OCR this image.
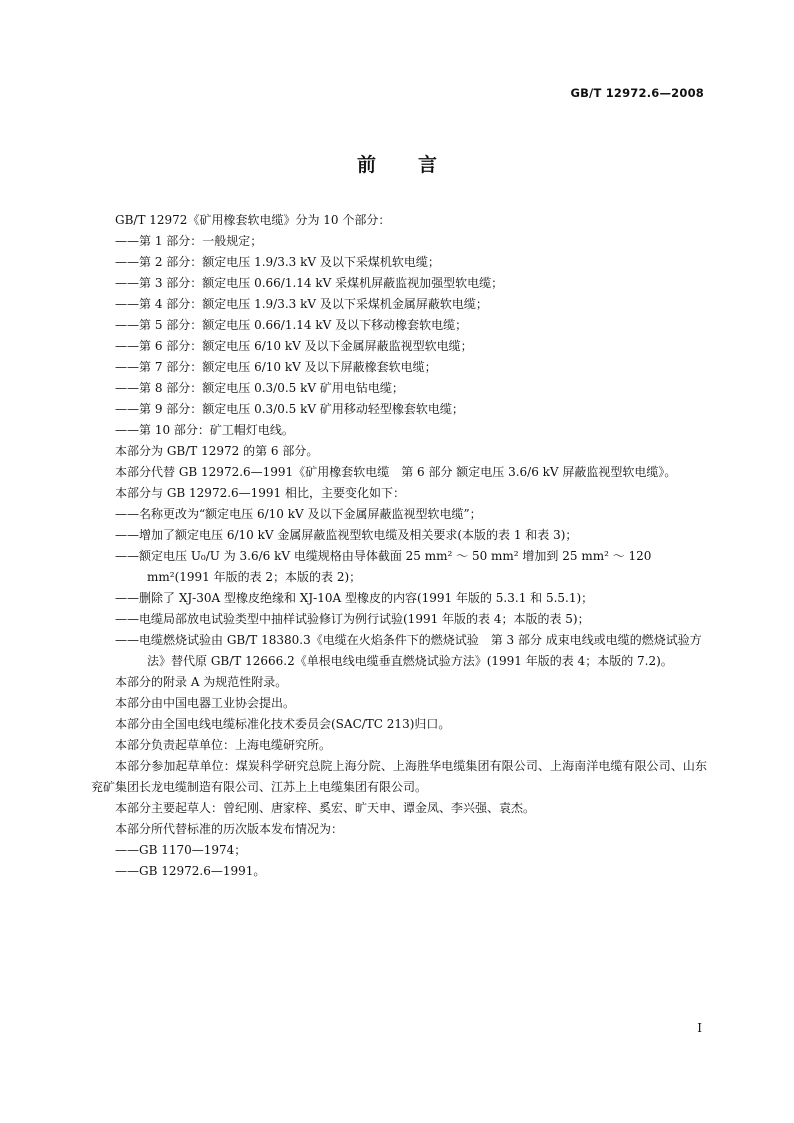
GB/T 12972.6—2008
前言

GB/T 12972《矿用橡套软电缆》分为 10 个部分：

——第 1 部分：一般规定；

——第 2 部分：额定电压 1.9/3.3 kV 及以下采煤机软电缆；

——第 3 部分：额定电压 0.66/1.14 kV 采煤机屏蔽监视加强型软电缆；

——第 4 部分：额定电压 1.9/3.3 kV 及以下采煤机金属屏蔽软电缆；

——第 5 部分：额定电压 0.66/1.14 kV 及以下移动橡套软电缆；

——第 6 部分：额定电压 6/10 kV 及以下金属屏蔽监视型软电缆；

——第 7 部分：额定电压 6/10 kV 及以下屏蔽橡套软电缆；

——第 8 部分：额定电压 0.3/0.5 kV 矿用电钻电缆；

——第 9 部分：额定电压 0.3/0.5 kV 矿用移动轻型橡套软电缆；

——第 10 部分：矿工帽灯电线。

本部分为 GB/T 12972 的第 6 部分。

本部分代替 GB 12972.6—1991《矿用橡套软电缆　第 6 部分 额定电压 3.6/6 kV 屏蔽监视型软电缆》。

本部分与 GB 12972.6—1991 相比，主要变化如下：

——名称更改为“额定电压 6/10 kV 及以下金属屏蔽监视型软电缆”；

——增加了额定电压 6/10 kV 金属屏蔽监视型软电缆及相关要求(本版的表 1 和表 3)；

——额定电压 U₀/U 为 3.6/6 kV 电缆规格由导体截面 25 mm² ～ 50 mm² 增加到 25 mm² ～ 120 mm²(1991 年版的表 2；本版的表 2)；

——删除了 XJ-30A 型橡皮绝缘和 XJ-10A 型橡皮的内容(1991 年版的 5.3.1 和 5.5.1)；

——电缆局部放电试验类型中抽样试验修订为例行试验(1991 年版的表 4；本版的表 5)；

——电缆燃烧试验由 GB/T 18380.3《电缆在火焰条件下的燃烧试验　第 3 部分 成束电线或电缆的燃烧试验方法》替代原 GB/T 12666.2《单根电线电缆垂直燃烧试验方法》(1991 年版的表 4；本版的 7.2)。

本部分的附录 A 为规范性附录。

本部分由中国电器工业协会提出。

本部分由全国电线电缆标准化技术委员会(SAC/TC 213)归口。

本部分负责起草单位：上海电缆研究所。

本部分参加起草单位：煤炭科学研究总院上海分院、上海胜华电缆集团有限公司、上海南洋电缆有限公司、山东兖矿集团长龙电缆制造有限公司、江苏上上电缆集团有限公司。

本部分主要起草人：曾纪刚、唐家梓、奚宏、旷天申、谭金凤、李兴强、袁杰。

本部分所代替标准的历次版本发布情况为：

——GB 1170—1974；

——GB 12972.6—1991。

I
